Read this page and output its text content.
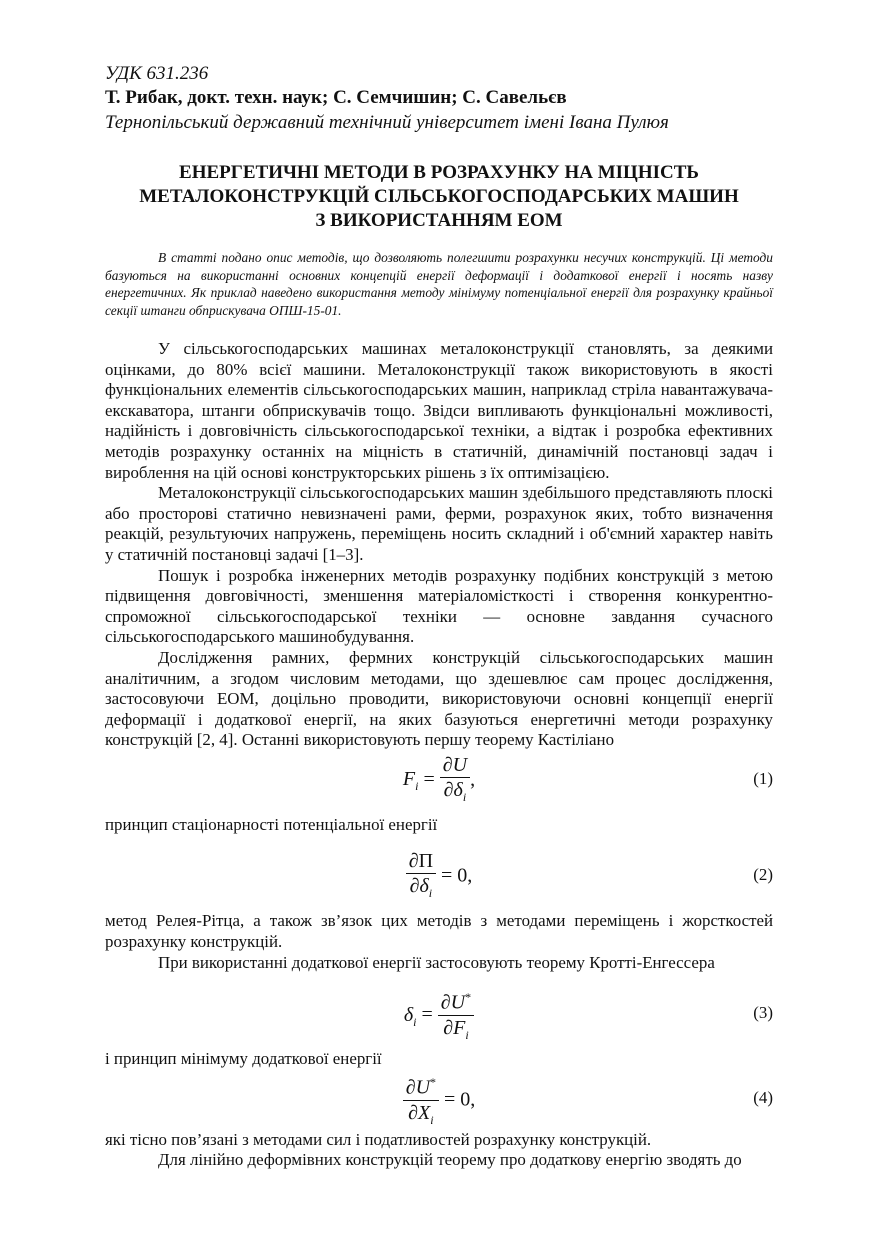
УДК 631.236

Т. Рибак, докт. техн. наук; С. Семчишин; С. Савельєв

Тернопільський державний технічний університет імені Івана Пулюя

ЕНЕРГЕТИЧНІ МЕТОДИ В РОЗРАХУНКУ НА МІЦНІСТЬ
МЕТАЛОКОНСТРУКЦІЙ СІЛЬСЬКОГОСПОДАРСЬКИХ МАШИН
З ВИКОРИСТАННЯМ ЕОМ

В статті подано опис методів, що дозволяють полегшити розрахунки несучих конструкцій. Ці методи базуються на використанні основних концепцій енергії деформації і додаткової енергії і носять назву енергетичних. Як приклад наведено використання методу мінімуму потенціальної енергії для розрахунку крайньої секції штанги обприскувача ОПШ-15-01.

У сільськогосподарських машинах металоконструкції становлять, за деякими оцінками, до 80% всієї машини. Металоконструкції також використовують в якості функціональних елементів сільськогосподарських машин, наприклад стріла навантажувача-екскаватора, штанги обприскувачів тощо. Звідси випливають функціональні можливості, надійність і довговічність сільськогосподарської техніки, а відтак і розробка ефективних методів розрахунку останніх на міцність в статичній, динамічній постановці задач і вироблення на цій основі конструкторських рішень з їх оптимізацією.

Металоконструкції сільськогосподарських машин здебільшого представляють плоскі або просторові статично невизначені рами, ферми, розрахунок яких, тобто визначення реакцій, результуючих напружень, переміщень носить складний і об'ємний характер навіть у статичній постановці задачі [1–3].

Пошук і розробка інженерних методів розрахунку подібних конструкцій з метою підвищення довговічності, зменшення матеріаломісткості і створення конкурентно-спроможної сільськогосподарської техніки — основне завдання сучасного сільськогосподарського машинобудування.

Дослідження рамних, фермних конструкцій сільськогосподарських машин аналітичним, а згодом числовим методами, що здешевлює сам процес дослідження, застосовуючи ЕОМ, доцільно проводити, використовуючи основні концепції енергії деформації і додаткової енергії, на яких базуються енергетичні методи розрахунку конструкцій [2, 4]. Останні використовують першу теорему Кастіліано

$F_i = \frac{\partial U}{\partial\delta_i}$ ,	(1)

принцип стаціонарності потенціальної енергії

$\frac{\partial\Pi}{\partial\delta_i} = 0$,	(2)

метод Релея-Рітца, а також зв’язок цих методів з методами переміщень і жорсткостей розрахунку конструкцій.

При використанні додаткової енергії застосовують теорему Кротті-Енгессера

$\delta_i = \frac{\partial U^*}{\partial F_i}$	(3)

і принцип мінімуму додаткової енергії

$\frac{\partial U^*}{\partial X_i} = 0$,	(4)

які тісно пов’язані з методами сил і податливостей розрахунку конструкцій.

Для лінійно деформівних конструкцій теорему про додаткову енергію зводять до
